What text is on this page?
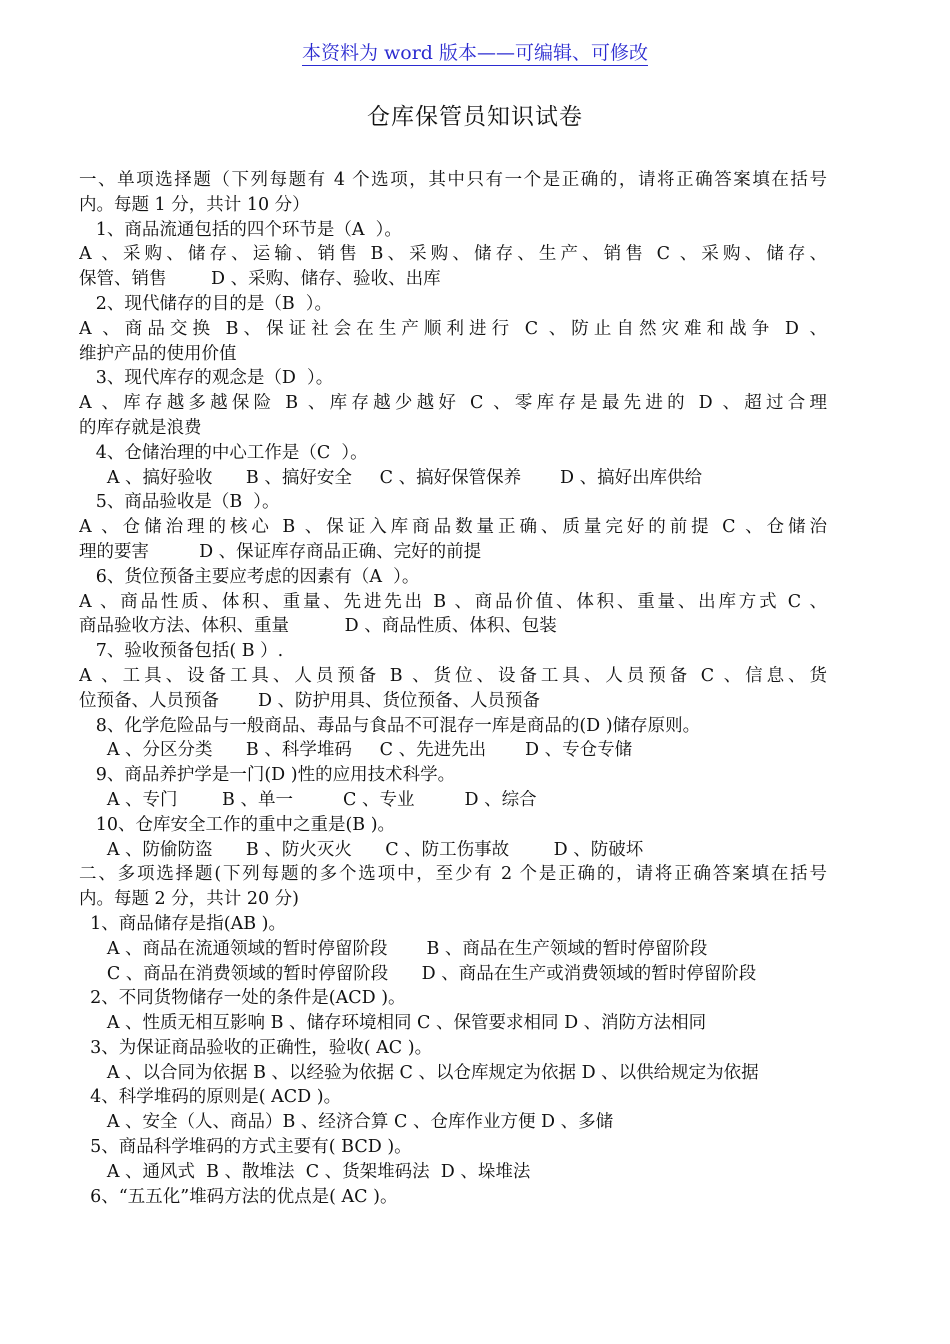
本资料为 word 版本——可编辑、可修改
仓库保管员知识试卷
一、单项选择题（下列每题有 4 个选项，其中只有一个是正确的，请将正确答案填在括号
内。每题 1 分，共计 10 分）
1、商品流通包括的四个环节是（A  ）。
A 、采购、储存、运输、销售 B、采购、储存、生产、销售 C 、采购、储存、
保管、销售        D 、采购、储存、验收、出库
2、现代储存的目的是（B  ）。
A 、商品交换 B、保证社会在生产顺利进行 C 、防止自然灾难和战争 D 、
维护产品的使用价值
3、现代库存的观念是（D  ）。
A 、库存越多越保险 B 、库存越少越好 C 、零库存是最先进的 D 、超过合理
的库存就是浪费
4、仓储治理的中心工作是（C  ）。
A 、搞好验收      B 、搞好安全     C 、搞好保管保养       D 、搞好出库供给
5、商品验收是（B  ）。
A 、仓储治理的核心 B 、保证入库商品数量正确、质量完好的前提 C 、仓储治
理的要害         D 、保证库存商品正确、完好的前提
6、货位预备主要应考虑的因素有（A  ）。
A 、商品性质、体积、重量、先进先出 B 、商品价值、体积、重量、出库方式 C 、
商品验收方法、体积、重量          D 、商品性质、体积、包装
7、验收预备包括( B ）.
A 、工具、设备工具、人员预备 B 、货位、设备工具、人员预备 C 、信息、货
位预备、人员预备       D 、防护用具、货位预备、人员预备
8、化学危险品与一般商品、毒品与食品不可混存一库是商品的(D )储存原则。
A 、分区分类      B 、科学堆码     C 、先进先出       D 、专仓专储
9、商品养护学是一门(D )性的应用技术科学。
A 、专门        B 、单一         C 、专业         D 、综合
10、仓库安全工作的重中之重是(B )。
A 、防偷防盗      B 、防火灭火      C 、防工伤事故        D 、防破坏
二、多项选择题(下列每题的多个选项中，至少有 2 个是正确的，请将正确答案填在括号
内。每题 2 分，共计 20 分)
1、商品储存是指(AB )。
A 、商品在流通领域的暂时停留阶段       B 、商品在生产领域的暂时停留阶段
C 、商品在消费领域的暂时停留阶段      D 、商品在生产或消费领域的暂时停留阶段
2、不同货物储存一处的条件是(ACD )。
A 、性质无相互影响 B 、储存环境相同 C 、保管要求相同 D 、消防方法相同
3、为保证商品验收的正确性，验收( AC )。
A 、以合同为依据 B 、以经验为依据 C 、以仓库规定为依据 D 、以供给规定为依据
4、科学堆码的原则是( ACD )。
A 、安全（人、商品）B 、经济合算 C 、仓库作业方便 D 、多储
5、商品科学堆码的方式主要有( BCD )。
A 、通风式  B 、散堆法  C 、货架堆码法  D 、垛堆法
6、“五五化”堆码方法的优点是( AC )。
